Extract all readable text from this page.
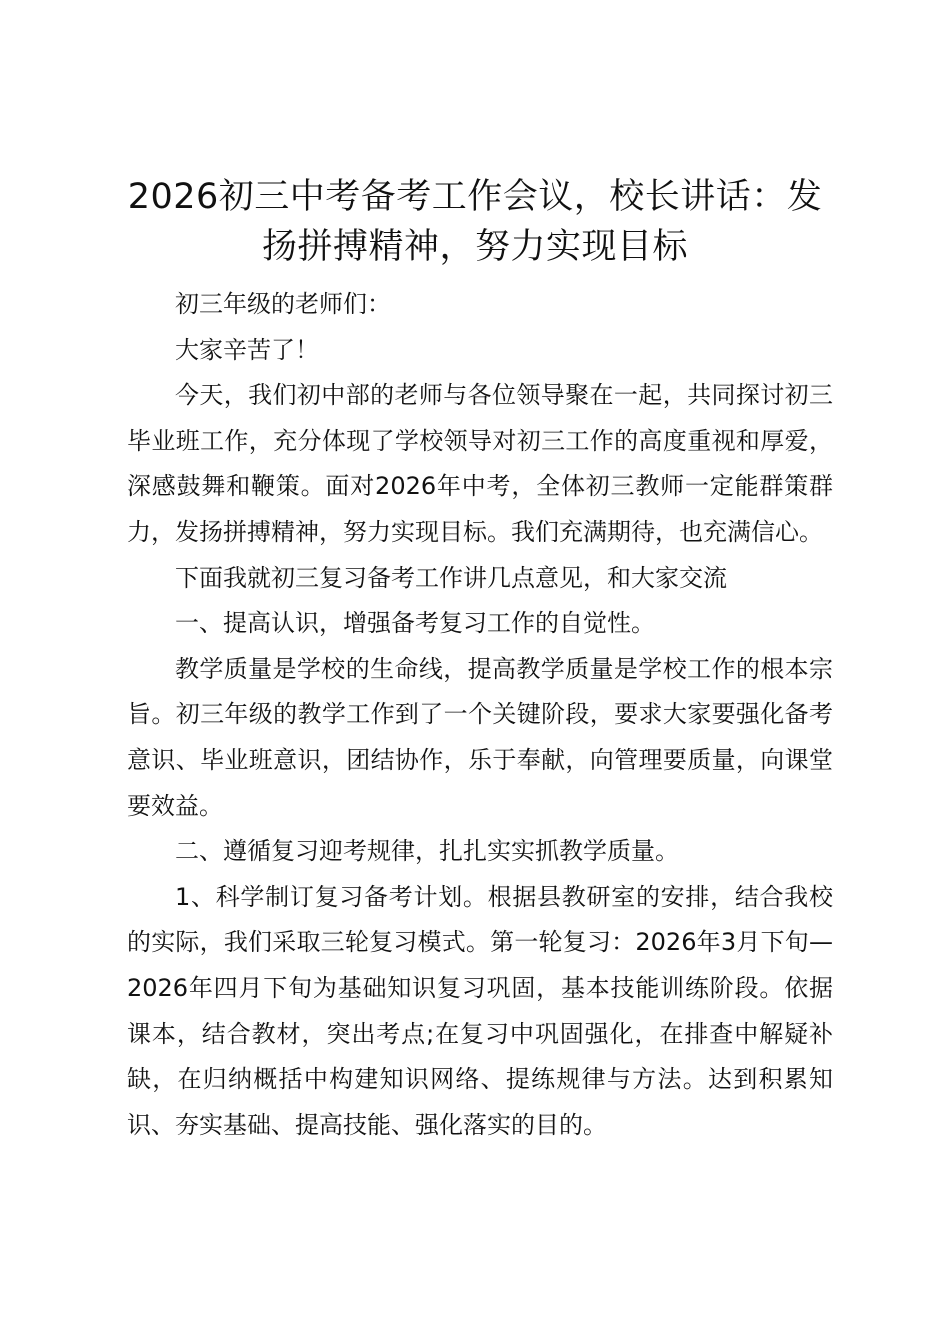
2026初三中考备考工作会议，校长讲话：发扬拼搏精神，努力实现目标

初三年级的老师们：

大家辛苦了！

今天，我们初中部的老师与各位领导聚在一起，共同探讨初三毕业班工作，充分体现了学校领导对初三工作的高度重视和厚爱，深感鼓舞和鞭策。面对2026年中考，全体初三教师一定能群策群力，发扬拼搏精神，努力实现目标。我们充满期待，也充满信心。

下面我就初三复习备考工作讲几点意见，和大家交流

一、提高认识，增强备考复习工作的自觉性。

教学质量是学校的生命线，提高教学质量是学校工作的根本宗旨。初三年级的教学工作到了一个关键阶段，要求大家要强化备考意识、毕业班意识，团结协作，乐于奉献，向管理要质量，向课堂要效益。

二、遵循复习迎考规律，扎扎实实抓教学质量。

1、科学制订复习备考计划。根据县教研室的安排，结合我校的实际，我们采取三轮复习模式。第一轮复习：2026年3月下旬—2026年四月下旬为基础知识复习巩固，基本技能训练阶段。依据课本，结合教材，突出考点;在复习中巩固强化，在排查中解疑补缺，在归纳概括中构建知识网络、提练规律与方法。达到积累知识、夯实基础、提高技能、强化落实的目的。
